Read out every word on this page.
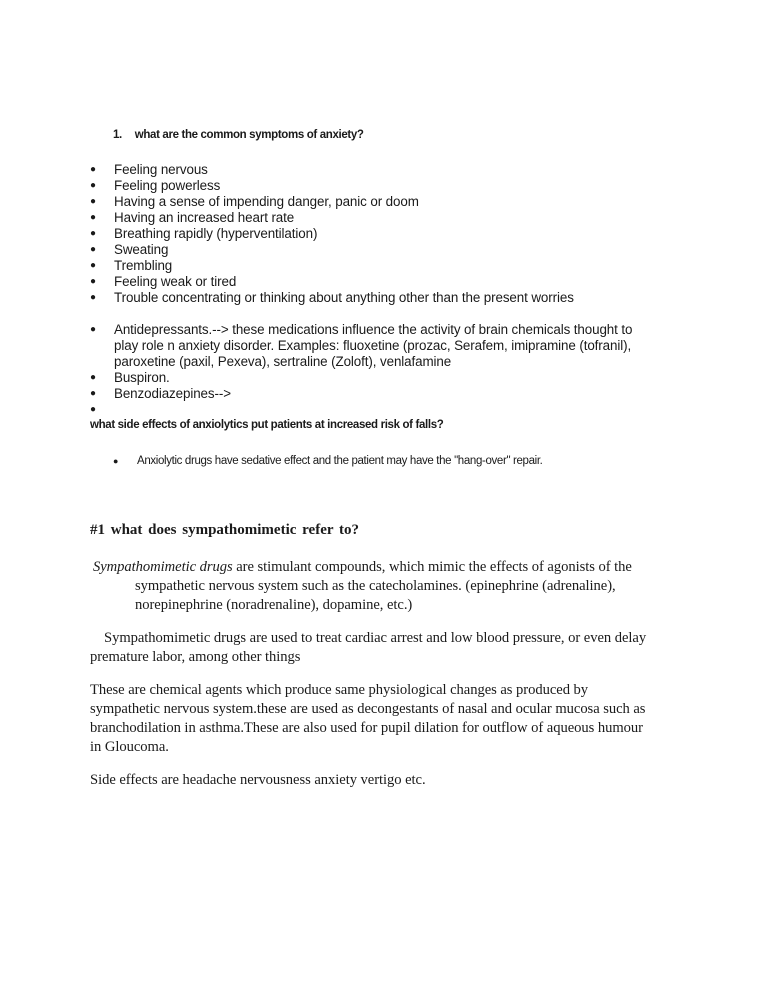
1. what are the common symptoms of anxiety?
● Feeling nervous
● Feeling powerless
● Having a sense of impending danger, panic or doom
● Having an increased heart rate
● Breathing rapidly (hyperventilation)
● Sweating
● Trembling
● Feeling weak or tired
● Trouble concentrating or thinking about anything other than the present worries
● Antidepressants.--> these medications influence the activity of brain chemicals thought to
play role n anxiety disorder. Examples: fluoxetine (prozac, Serafem, imipramine (tofranil),
paroxetine (paxil, Pexeva), sertraline (Zoloft), venlafamine
● Buspiron.
● Benzodiazepines-->
●
what side effects of anxiolytics put patients at increased risk of falls?
● Anxiolytic drugs have sedative effect and the patient may have the "hang-over" repair.
#1 what does sympathomimetic refer to?
Sympathomimetic drugs are stimulant compounds, which mimic the effects of agonists of the
sympathetic nervous system such as the catecholamines. (epinephrine (adrenaline),
norepinephrine (noradrenaline), dopamine, etc.)
Sympathomimetic drugs are used to treat cardiac arrest and low blood pressure, or even delay
premature labor, among other things
These are chemical agents which produce same physiological changes as produced by
sympathetic nervous system.these are used as decongestants of nasal and ocular mucosa such as
branchodilation in asthma.These are also used for pupil dilation for outflow of aqueous humour
in Gloucoma.
Side effects are headache nervousness anxiety vertigo etc.
